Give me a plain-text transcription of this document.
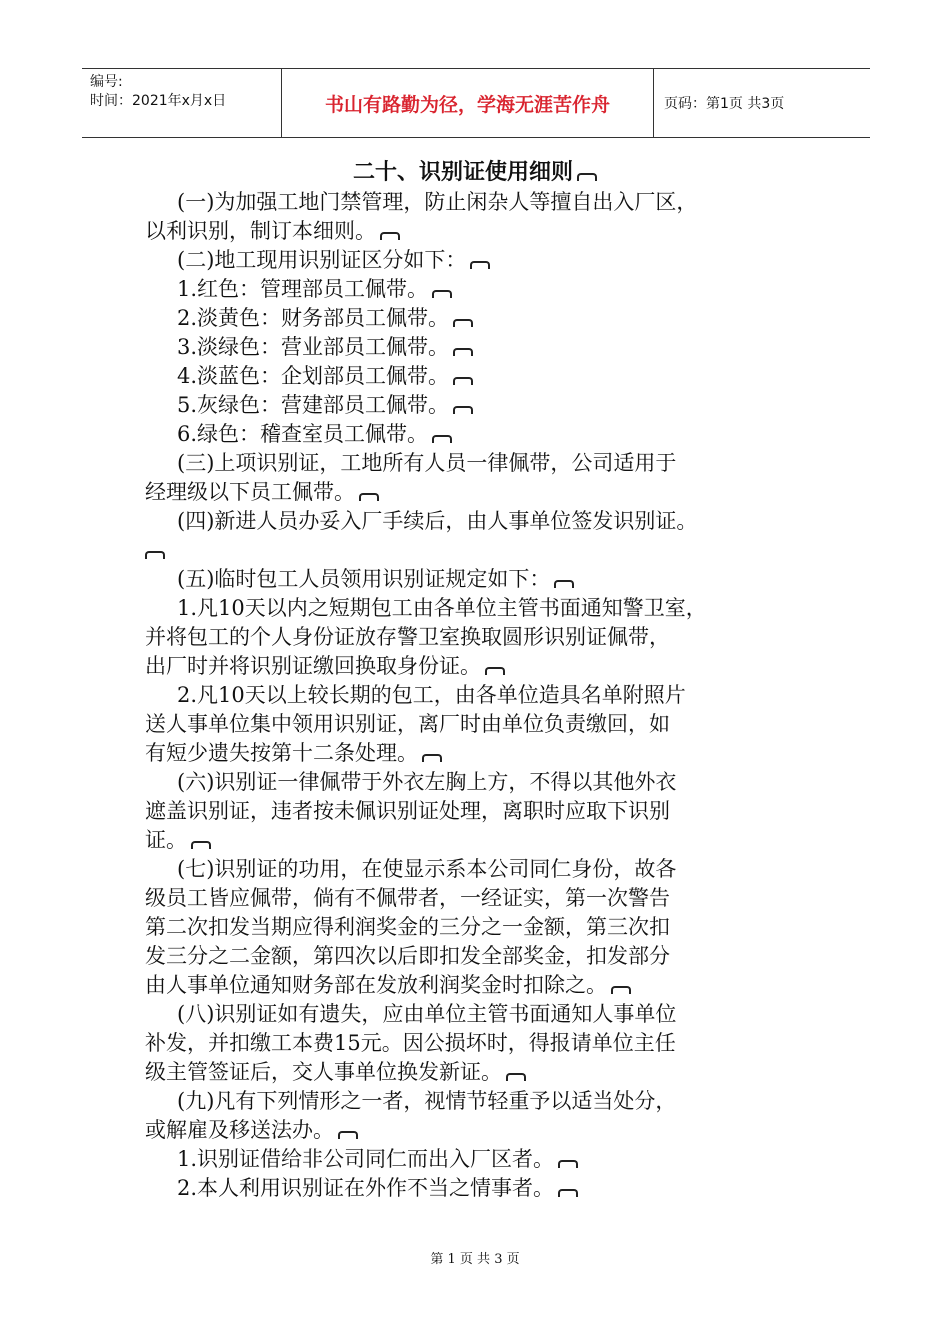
编号:
时间：2021年x月x日	书山有路勤为径，学海无涯苦作舟	页码：第1页 共3页
二十、识别证使用细则

(一)为加强工地门禁管理，防止闲杂人等擅自出入厂区，

以利识别，制订本细则。

(二)地工现用识别证区分如下：

1.红色：管理部员工佩带。

2.淡黄色：财务部员工佩带。

3.淡绿色：营业部员工佩带。

4.淡蓝色：企划部员工佩带。

5.灰绿色：营建部员工佩带。

6.绿色：稽查室员工佩带。

(三)上项识别证，工地所有人员一律佩带，公司适用于

经理级以下员工佩带。

(四)新进人员办妥入厂手续后，由人事单位签发识别证。

(五)临时包工人员领用识别证规定如下：

1.凡10天以内之短期包工由各单位主管书面通知警卫室，

并将包工的个人身份证放存警卫室换取圆形识别证佩带，

出厂时并将识别证缴回换取身份证。

2.凡10天以上较长期的包工，由各单位造具名单附照片

送人事单位集中领用识别证，离厂时由单位负责缴回，如

有短少遗失按第十二条处理。

(六)识别证一律佩带于外衣左胸上方，不得以其他外衣

遮盖识别证，违者按未佩识别证处理，离职时应取下识别

证。

(七)识别证的功用，在使显示系本公司同仁身份，故各

级员工皆应佩带，倘有不佩带者，一经证实，第一次警告

第二次扣发当期应得利润奖金的三分之一金额，第三次扣

发三分之二金额，第四次以后即扣发全部奖金，扣发部分

由人事单位通知财务部在发放利润奖金时扣除之。

(八)识别证如有遗失，应由单位主管书面通知人事单位

补发，并扣缴工本费15元。因公损坏时，得报请单位主任

级主管签证后，交人事单位换发新证。

(九)凡有下列情形之一者，视情节轻重予以适当处分，

或解雇及移送法办。

1.识别证借给非公司同仁而出入厂区者。

2.本人利用识别证在外作不当之情事者。

第 1 页 共 3 页
